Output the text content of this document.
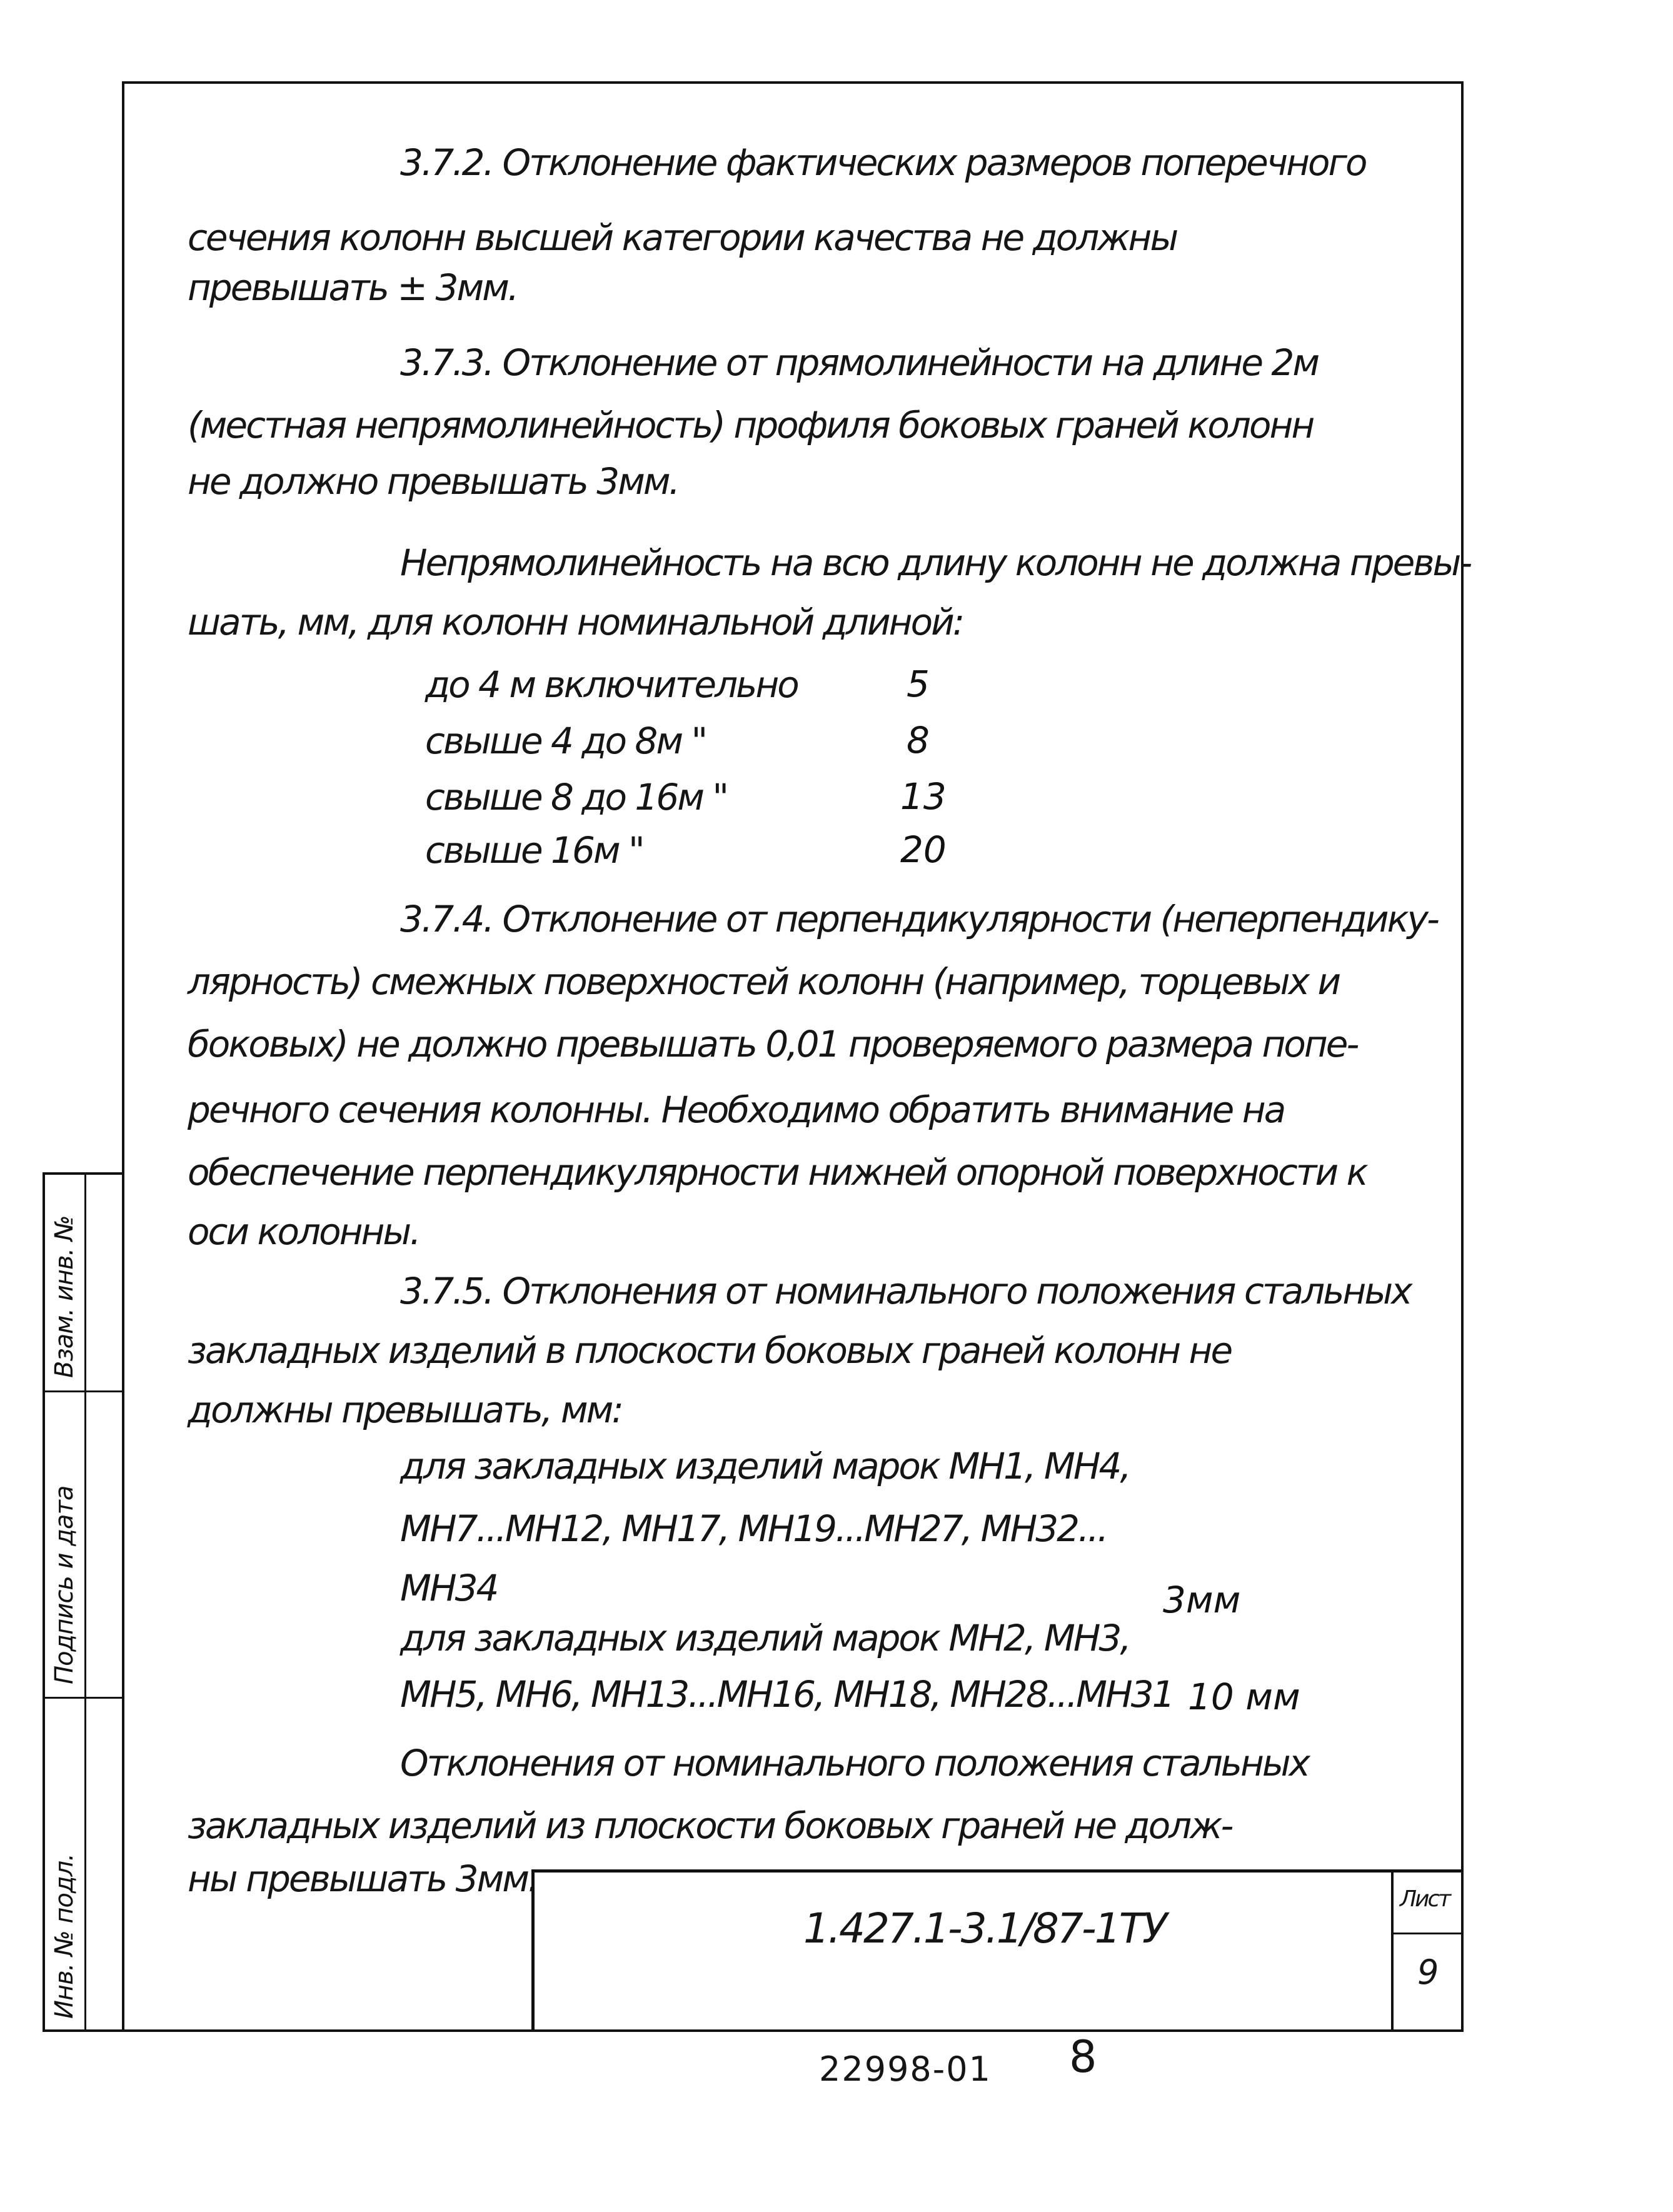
3.7.2. Отклонение фактических размеров поперечного
сечения колонн высшей категории качества не должны
превышать ± 3мм.
3.7.3. Отклонение от прямолинейности на длине 2м
(местная непрямолинейность) профиля боковых граней колонн
не должно превышать 3мм.
Непрямолинейность на всю длину колонн не должна превы-
шать, мм, для колонн номинальной длиной:
до 4 м включительно	5
свыше 4 до 8м "	8
свыше 8 до 16м "	13
свыше 16м "	20
3.7.4. Отклонение от перпендикулярности (неперпендику-
лярность) смежных поверхностей колонн (например, торцевых и
боковых) не должно превышать 0,01 проверяемого размера попе-
речного сечения колонны. Необходимо обратить внимание на
обеспечение перпендикулярности нижней опорной поверхности к
оси колонны.
3.7.5. Отклонения от номинального положения стальных
закладных изделий в плоскости боковых граней колонн не
должны превышать, мм:
для закладных изделий марок МН1, МН4,
МН7...МН12, МН17, МН19...МН27, МН32...
МН34	3мм
для закладных изделий марок МН2, МН3,
МН5, МН6, МН13...МН16, МН18, МН28...МН31 10 мм
Отклонения от номинального положения стальных
закладных изделий из плоскости боковых граней не долж-
ны превышать 3мм.
Взам. инв. №
Подпись и дата
Инв. № подл.	1.427.1-3.1/87-1ТУ
Лист
9
22998-01 8
